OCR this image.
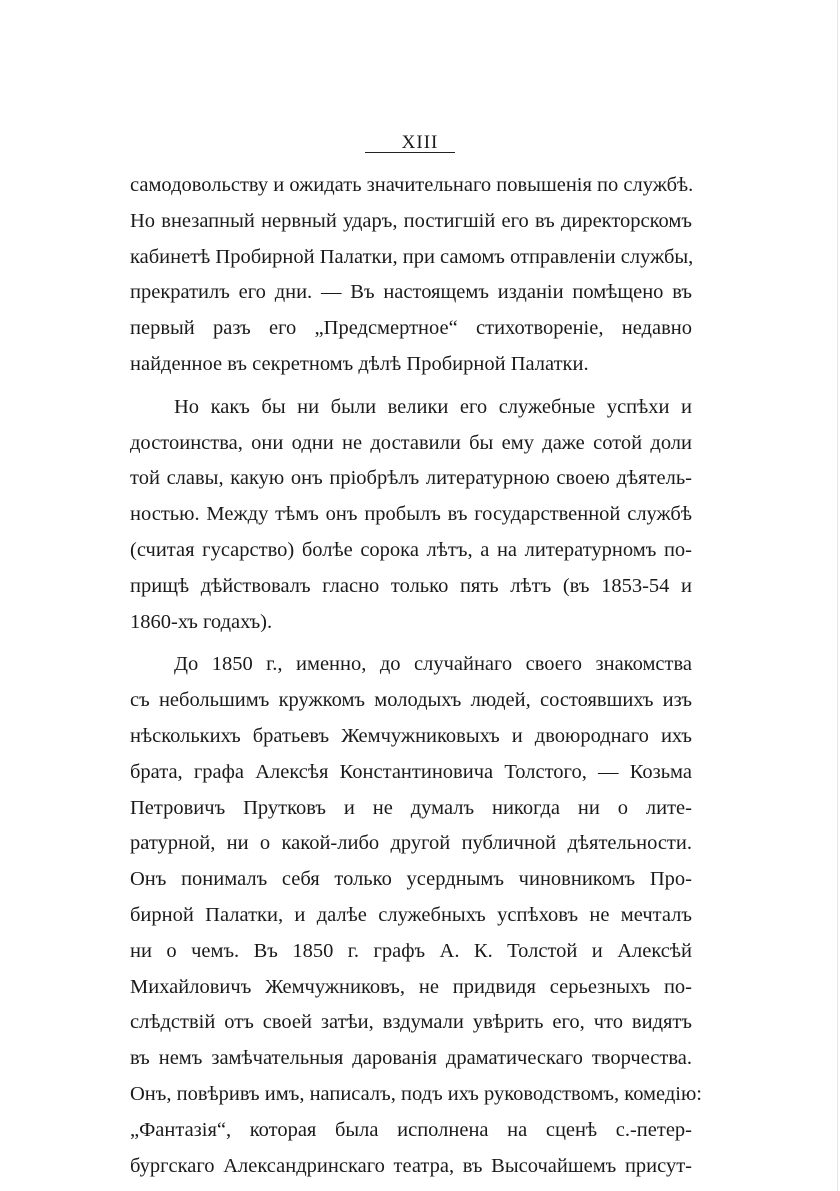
XIII
самодовольству и ожидать значительнаго повышенія по службѣ.
Но внезапный нервный ударъ, постигшій его въ директорскомъ
кабинетѣ Пробирной Палатки, при самомъ отправленіи службы,
прекратилъ его дни. — Въ настоящемъ изданіи помѣщено въ
первый разъ его „Предсмертное“ стихотвореніе, недавно
найденное въ секретномъ дѣлѣ Пробирной Палатки.
Но какъ бы ни были велики его служебные успѣхи и
достоинства, они одни не доставили бы ему даже сотой доли
той славы, какую онъ пріобрѣлъ литературною своею дѣятель-
ностью. Между тѣмъ онъ пробылъ въ государственной службѣ
(считая гусарство) болѣе сорока лѣтъ, а на литературномъ по-
прищѣ дѣйствовалъ гласно только пять лѣтъ (въ 1853-54 и
1860-хъ годахъ).
До 1850 г., именно, до случайнаго своего знакомства
съ небольшимъ кружкомъ молодыхъ людей, состоявшихъ изъ
нѣсколькихъ братьевъ Жемчужниковыхъ и двоюроднаго ихъ
брата, графа Алексѣя Константиновича Толстого, — Козьма
Петровичъ Прутковъ и не думалъ никогда ни о лите-
ратурной, ни о какой-либо другой публичной дѣятельности.
Онъ понималъ себя только усерднымъ чиновникомъ Про-
бирной Палатки, и далѣе служебныхъ успѣховъ не мечталъ
ни о чемъ. Въ 1850 г. графъ А. К. Толстой и Алексѣй
Михайловичъ Жемчужниковъ, не придвидя серьезныхъ по-
слѣдствій отъ своей затѣи, вздумали увѣрить его, что видятъ
въ немъ замѣчательныя дарованія драматическаго творчества.
Онъ, повѣривъ имъ, написалъ, подъ ихъ руководствомъ, комедію:
„Фантазія“, которая была исполнена на сценѣ с.-петер-
бургскаго Александринскаго театра, въ Высочайшемъ присут-
